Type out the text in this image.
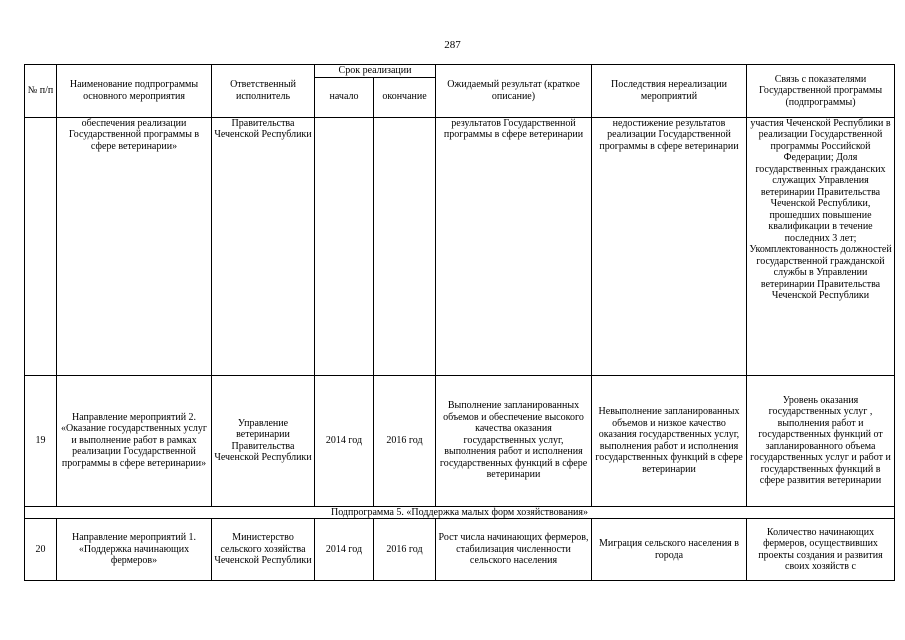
287
№ п/п	Наименование подпрограммы основного мероприятия	Ответственный исполнитель	Срок реализации		Ожидаемый результат (краткое описание)	Последствия нереализации мероприятий	Связь с показателями Государственной программы (подпрограммы)
			начало	окончание			
	обеспечения реализации Государственной программы в сфере ветеринарии»	Правительства Чеченской Республики			результатов Государственной программы в сфере ветеринарии	недостижение результатов реализации Государственной программы в сфере ветеринарии	участия Чеченской Республики в реализации Государственной программы Российской Федерации; Доля государственных гражданских служащих Управления ветеринарии Правительства Чеченской Республики, прошедших повышение квалификации в течение последних 3 лет; Укомплектованность должностей государственной гражданской службы в Управлении ветеринарии Правительства Чеченской Республики
19	Направление мероприятий 2. «Оказание государственных услуг и выполнение работ в рамках реализации Государственной программы в сфере ветеринарии»	Управление ветеринарии Правительства Чеченской Республики	2014 год	2016 год	Выполнение запланированных объемов и обеспечение высокого качества оказания государственных услуг, выполнения работ и исполнения государственных функций в сфере ветеринарии	Невыполнение запланированных объемов и низкое качество оказания государственных услуг, выполнения работ и исполнения государственных функций в сфере ветеринарии	Уровень оказания государственных услуг , выполнения работ и государственных функций от запланированного объема государственных услуг и работ и государственных функций в сфере развития ветеринарии
Подпрограмма 5. «Поддержка малых форм хозяйствования»							
20	Направление мероприятий 1. «Поддержка начинающих фермеров»	Министерство сельского хозяйства Чеченской Республики	2014 год	2016 год	Рост числа начинающих фермеров, стабилизация численности сельского населения	Миграция сельского населения в города	Количество начинающих фермеров, осуществивших проекты создания и развития своих хозяйств с
